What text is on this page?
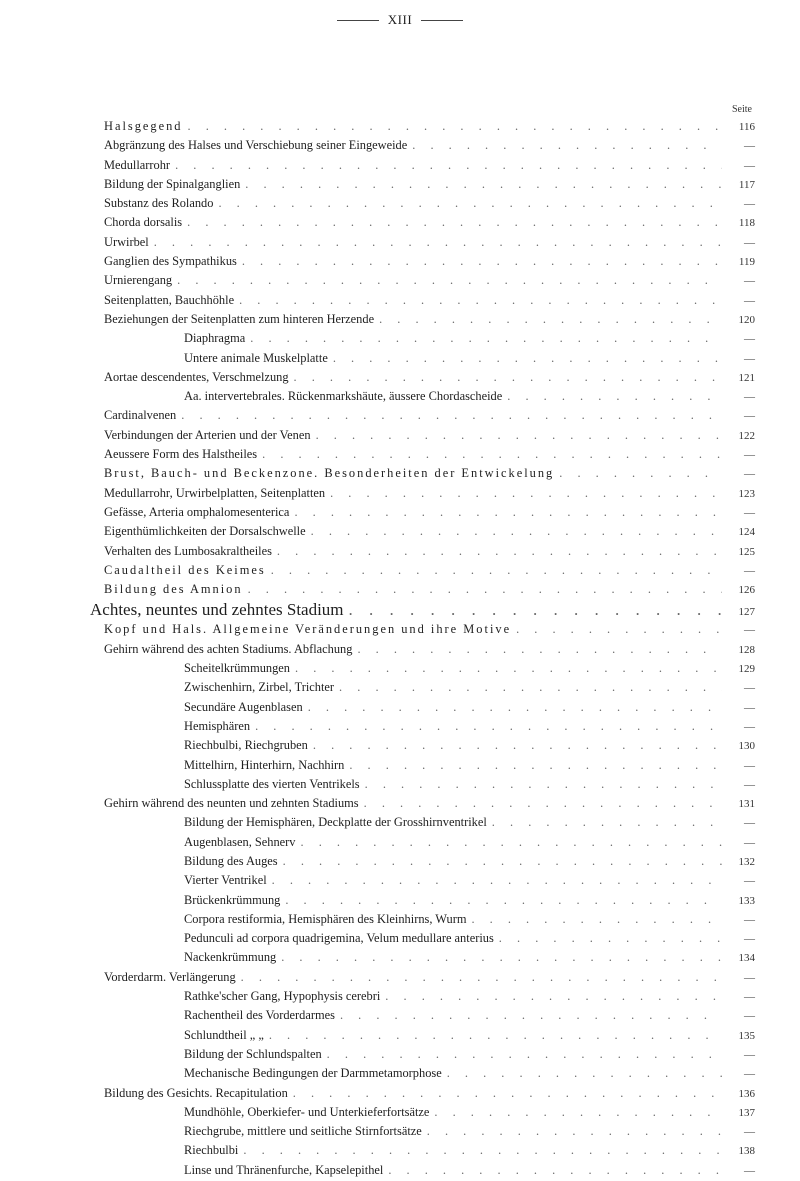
XIII
Seite
Halsgegend . . .	116
Abgränzung des Halses und Verschiebung seiner Eingeweide . . .	—
Medullarrohr . . .	—
Bildung der Spinalganglien . . .	117
Substanz des Rolando . . .	—
Chorda dorsalis . . .	118
Urwirbel . . .	—
Ganglien des Sympathikus . . .	119
Urnierengang . . .	—
Seitenplatten, Bauchhöhle . . .	—
Beziehungen der Seitenplatten zum hinteren Herzende . . .	120
Diaphragma . . .	—
Untere animale Muskelplatte . . .	—
Aortae descendentes, Verschmelzung . . .	121
Aa. intervertebrales. Rückenmarkshäute, äussere Chordascheide . . .	—
Cardinalvenen . . .	—
Verbindungen der Arterien und der Venen . . .	122
Aeussere Form des Halstheiles . . .	—
Brust, Bauch- und Beckenzone. Besonderheiten der Entwickelung . . .	—
Medullarrohr, Urwirbelplatten, Seitenplatten . . .	123
Gefässe, Arteria omphalomesenterica . . .	—
Eigenthümlichkeiten der Dorsalschwelle . . .	124
Verhalten des Lumbosakraltheiles . . .	125
Caudaltheil des Keimes . . .	—
Bildung des Amnion . . .	126
Achtes, neuntes und zehntes Stadium . . .	127
Kopf und Hals. Allgemeine Veränderungen und ihre Motive . . .	—
Gehirn während des achten Stadiums. Abflachung . . .	128
Scheitelkrümmungen . . .	129
Zwischenhirn, Zirbel, Trichter . . .	—
Secundäre Augenblasen . . .	—
Hemisphären . . .	—
Riechbulbi, Riechgruben . . .	130
Mittelhirn, Hinterhirn, Nachhirn . . .	—
Schlussplatte des vierten Ventrikels . . .	—
Gehirn während des neunten und zehnten Stadiums . . .	131
Bildung der Hemisphären, Deckplatte der Grosshirnventrikel . . .	—
Augenblasen, Sehnerv . . .	—
Bildung des Auges . . .	132
Vierter Ventrikel . . .	—
Brückenkrümmung . . .	133
Corpora restiformia, Hemisphären des Kleinhirns, Wurm . . .	—
Pedunculi ad corpora quadrigemina, Velum medullare anterius . . .	—
Nackenkrümmung . . .	134
Vorderdarm. Verlängerung . . .	—
Rathke'scher Gang, Hypophysis cerebri . . .	—
Rachentheil des Vorderdarmes . . .	—
Schlundtheil „ „ . . .	135
Bildung der Schlundspalten . . .	—
Mechanische Bedingungen der Darmmetamorphose . . .	—
Bildung des Gesichts. Recapitulation . . .	136
Mundhöhle, Oberkiefer- und Unterkieferfortsätze . . .	137
Riechgrube, mittlere und seitliche Stirnfortsätze . . .	—
Riechbulbi . . .	138
Linse und Thränenfurche, Kapselepithel . . .	—
